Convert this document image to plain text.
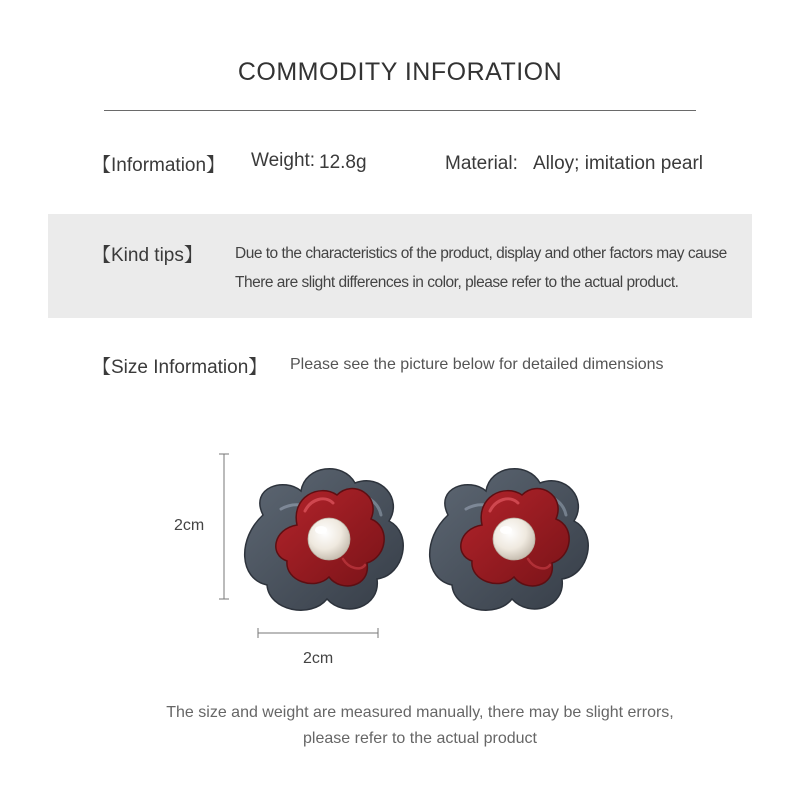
COMMODITY INFORATION
【Information】 Weight: 12.8g	Material: Alloy; imitation pearl
【Kind tips】 Due to the characteristics of the product, display and other factors may cause
There are slight differences in color, please refer to the actual product.
【Size Information】 Please see the picture below for detailed dimensions
2cm
2cm
The size and weight are measured manually, there may be slight errors,
please refer to the actual product
